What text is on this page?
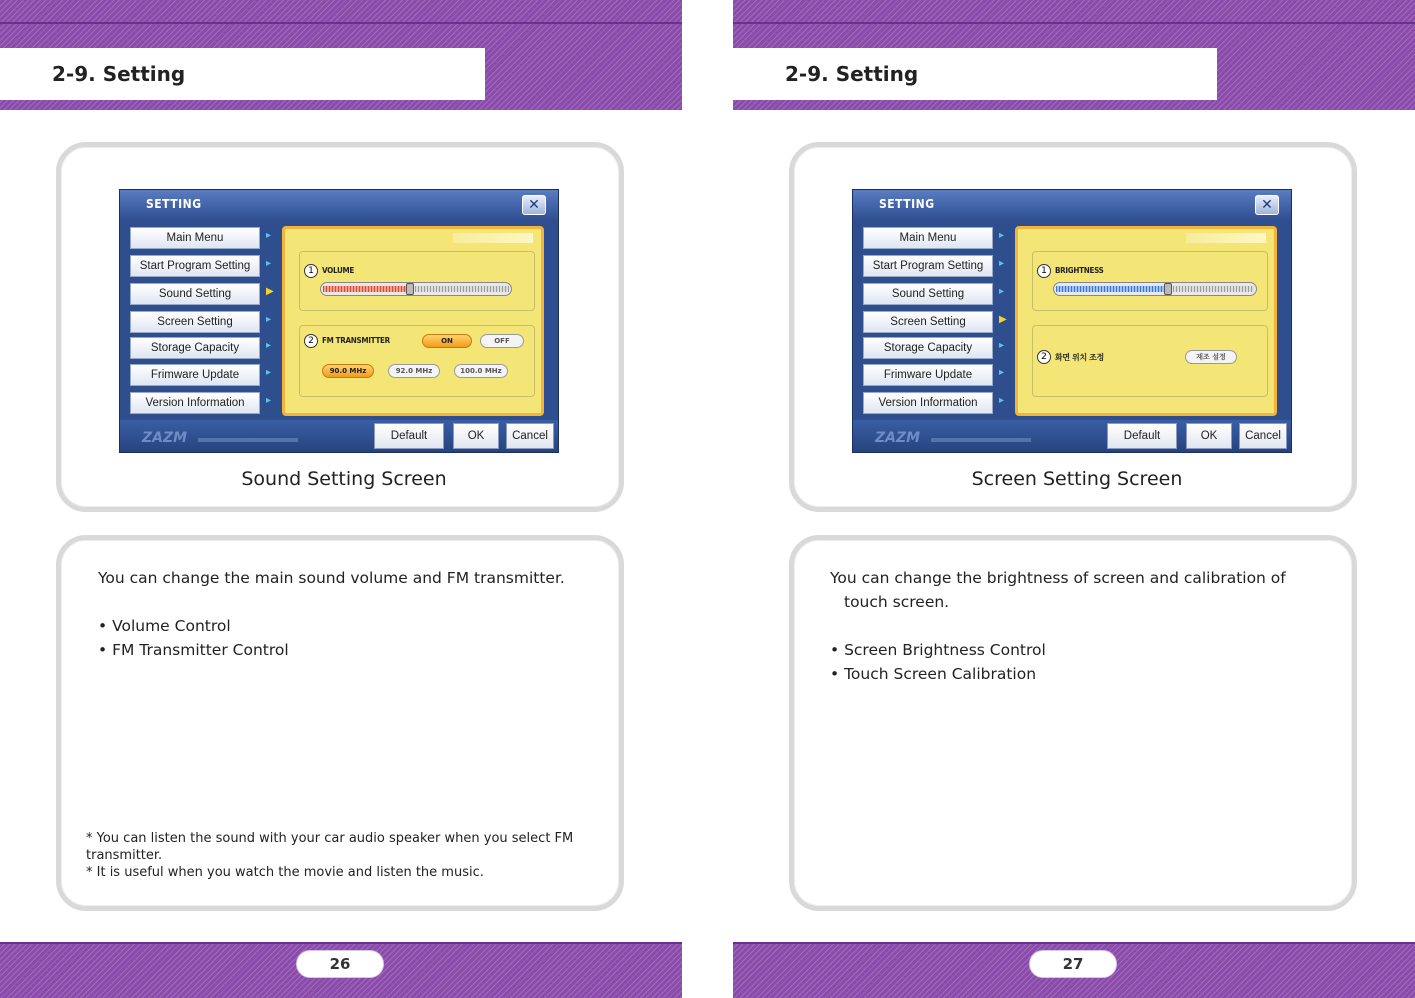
2-9. Setting
SETTING	✕
Main Menu
Start Program Setting
Sound Setting
Screen Setting
Storage Capacity
Frimware Update
Version Information
▸
▸
▶
▸
▸
▸
▸
1	VOLUME
2	FM TRANSMITTER	ON	OFF
90.0 MHz	92.0 MHz	100.0 MHz
ZAZM	Default	OK	Cancel
Sound Setting Screen
You can change the main sound volume and FM transmitter.
• Volume Control
• FM Transmitter Control
* You can listen the sound with your car audio speaker when you select FM transmitter.
* It is useful when you watch the movie and listen the music.
26
2-9. Setting
SETTING	✕
Main Menu
Start Program Setting
Sound Setting
Screen Setting
Storage Capacity
Frimware Update
Version Information
▸
▸
▸
▶
▸
▸
▸
1	BRIGHTNESS
2	화면 위치 조정	재조 설정
ZAZM	Default	OK	Cancel
Screen Setting Screen
You can change the brightness of screen and calibration of
touch screen.
• Screen Brightness Control
• Touch Screen Calibration
27
